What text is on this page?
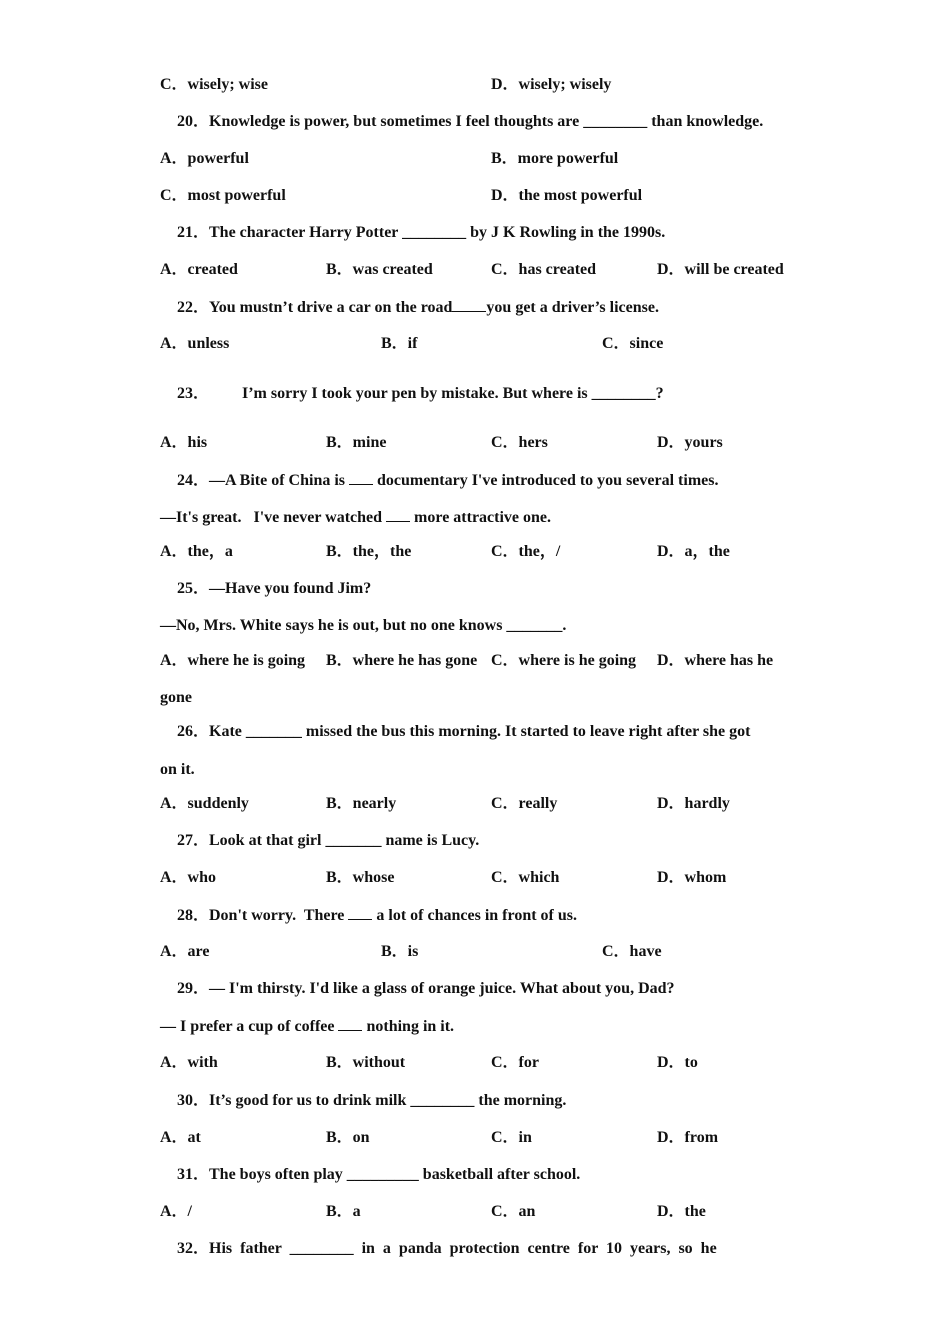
C．wisely; wise	D．wisely; wisely
20．Knowledge is power, but sometimes I feel thoughts are ________ than knowledge.
A．powerful	B．more powerful
C．most powerful	D．the most powerful
21．The character Harry Potter ________ by J K Rowling in the 1990s.
A．created	B．was created	C．has created	D．will be created
22．You mustn’t drive a car on the road you get a driver’s license.
A．unless	B．if	C．since
23． I’m sorry I took your pen by mistake. But where is ________?
A．his	B．mine	C．hers	D．yours
24．—A Bite of China is documentary I've introduced to you several times.
—It's great.   I've never watched more attractive one.
A．the，a	B．the，the	C．the，/	D．a，the
25．—Have you found Jim?
—No, Mrs. White says he is out, but no one knows _______.
A．where he is going B．where he has gone C．where is he going D．where has he
gone
26．Kate _______ missed the bus this morning. It started to leave right after she got
on it.
A．suddenly	B．nearly	C．really	D．hardly
27．Look at that girl _______ name is Lucy.
A．who	B．whose	C．which	D．whom
28．Don't worry.  There a lot of chances in front of us.
A．are	B．is	C．have
29．— I'm thirsty. I'd like a glass of orange juice. What about you, Dad?
— I prefer a cup of coffee nothing in it.
A．with	B．without	C．for	D．to
30．It’s good for us to drink milk ________ the morning.
A．at	B．on	C．in	D．from
31．The boys often play _________ basketball after school.
A．/	B．a	C．an	D．the
32．His  father  ________  in  a  panda  protection  centre  for  10  years,  so  he
